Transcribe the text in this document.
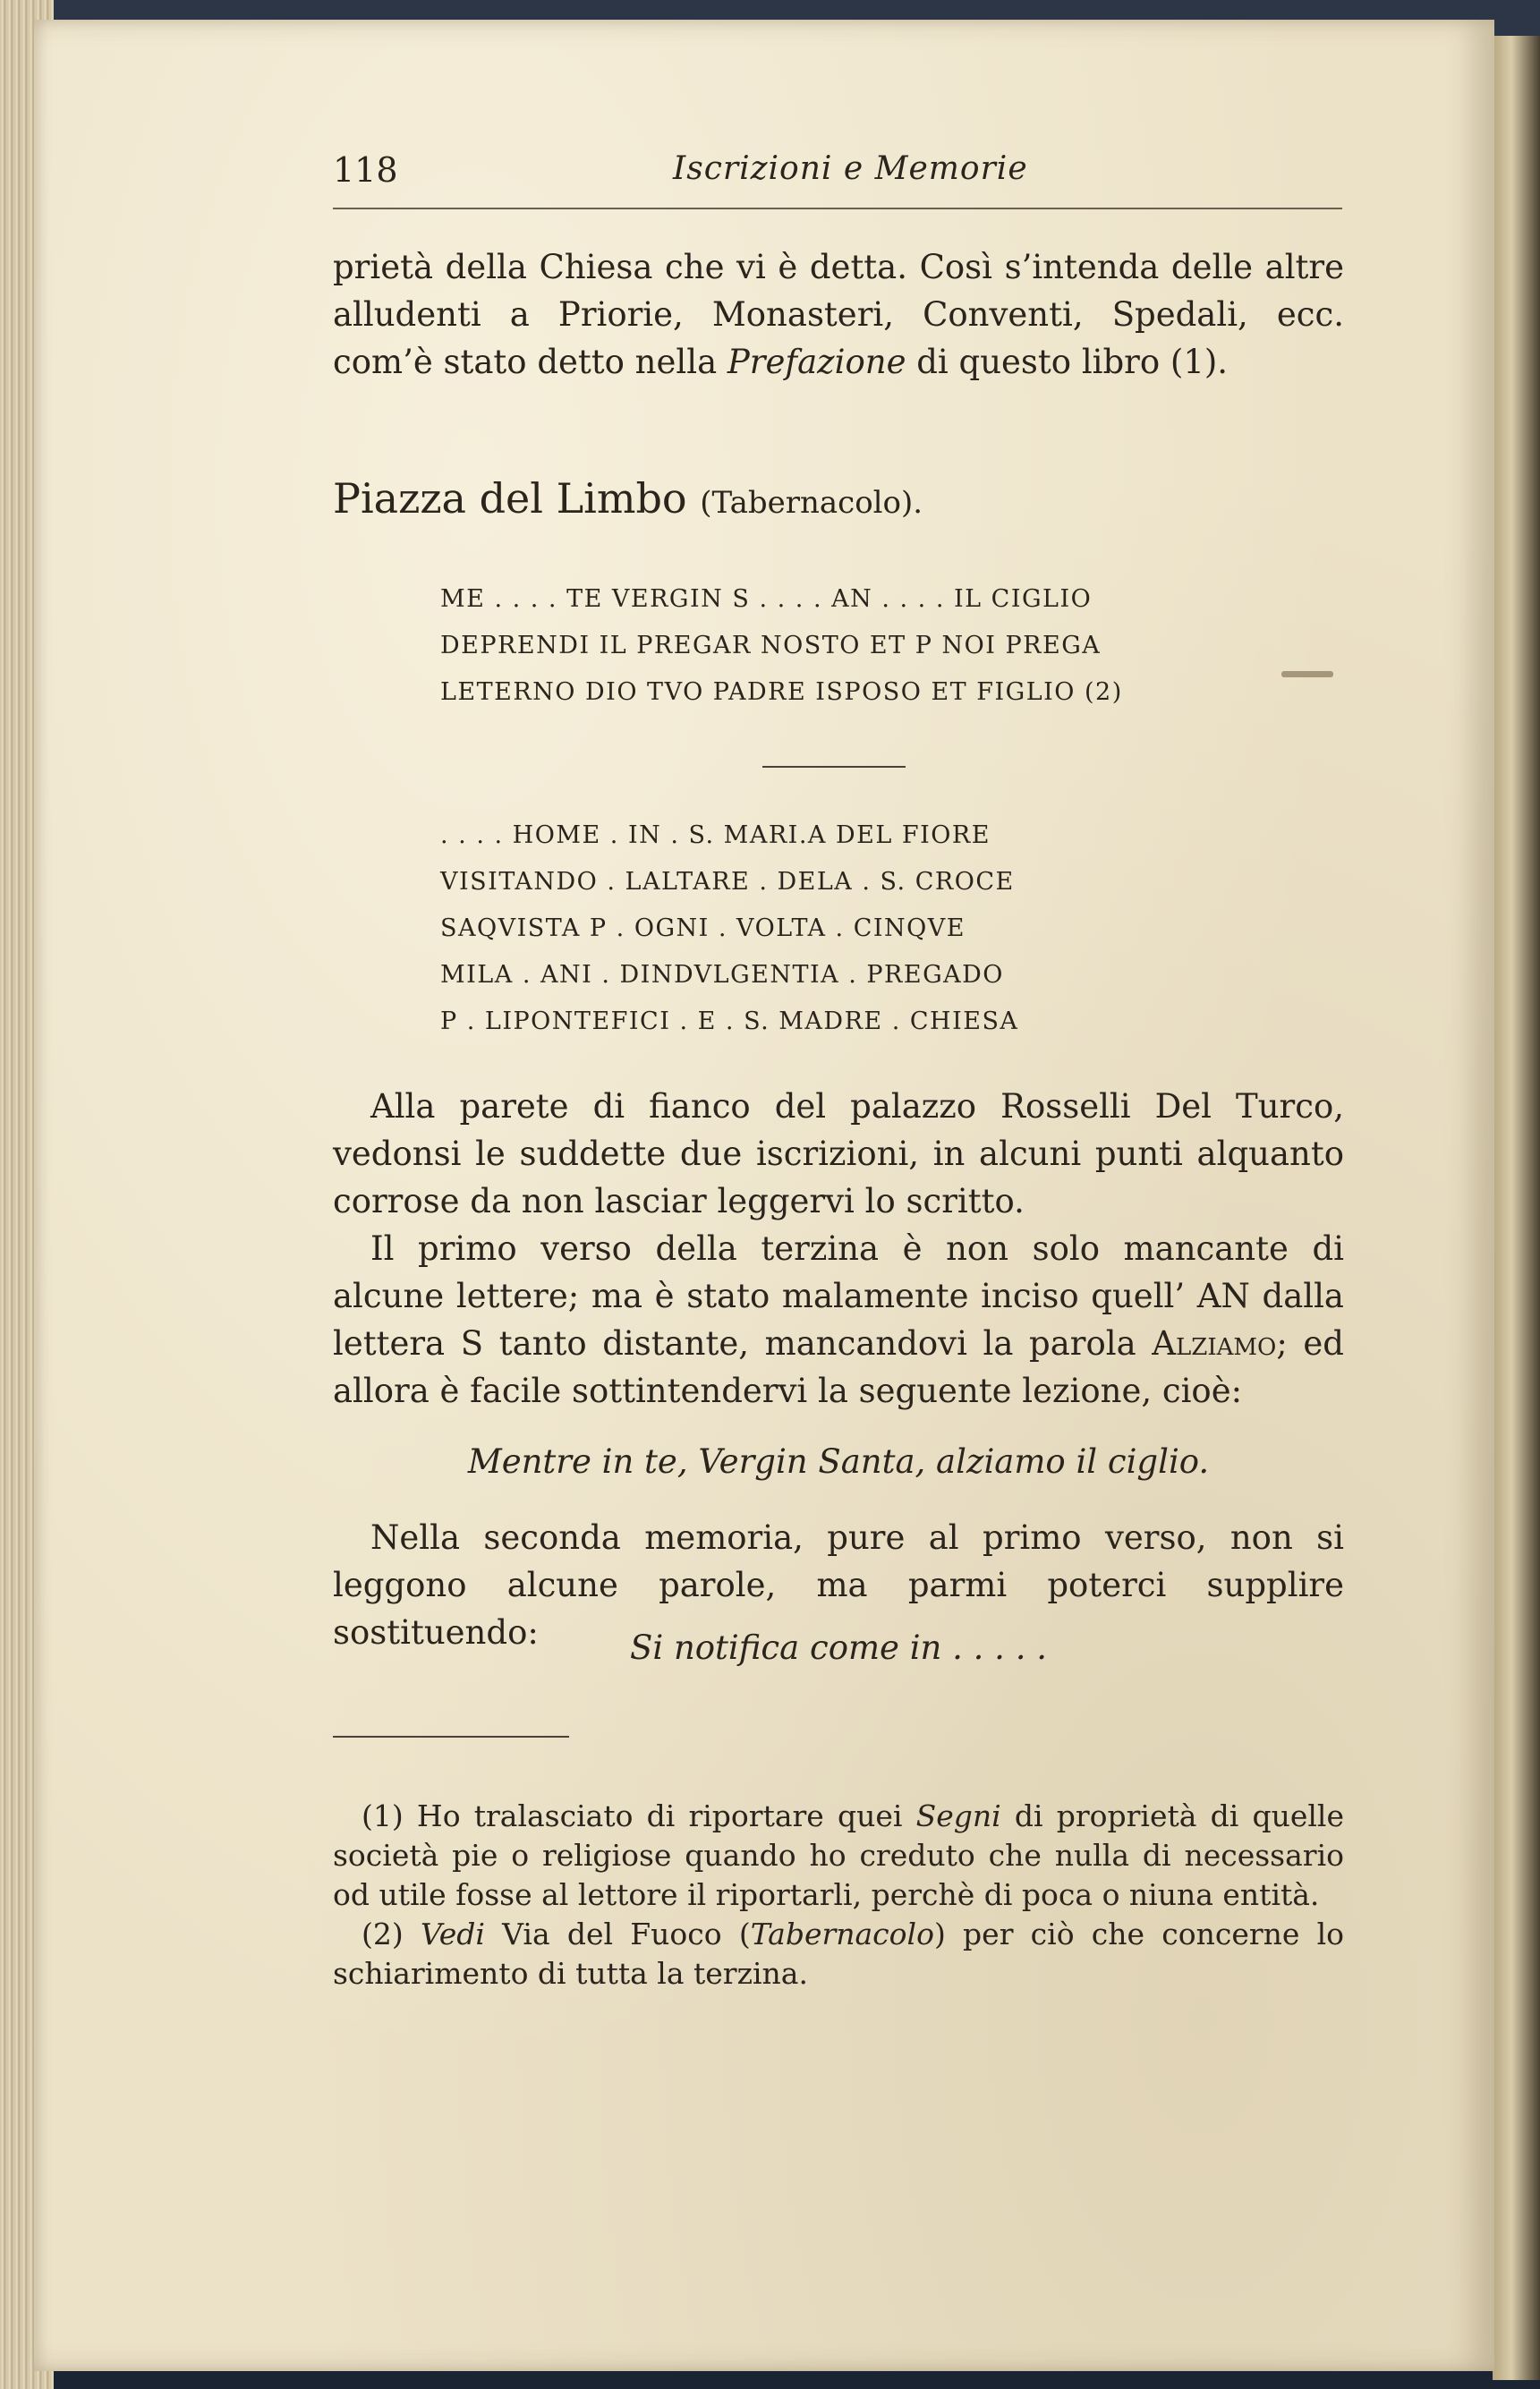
118	Iscrizioni e Memorie

prietà della Chiesa che vi è detta. Così s’intenda delle altre alludenti a Priorie, Monasteri, Conventi, Spedali, ecc. com’è stato detto nella Prefazione di questo libro (1).

Piazza del Limbo (Tabernacolo).
ME . . . . TE VERGIN S . . . . AN . . . . IL CIGLIO
DEPRENDI IL PREGAR NOSTO ET P NOI PREGA
LETERNO DIO TVO PADRE ISPOSO ET FIGLIO (2)
. . . . HOME . IN . S. MARI.A DEL FIORE
VISITANDO . LALTARE . DELA . S. CROCE
SAQVISTA P . OGNI . VOLTA . CINQVE
MILA . ANI . DINDVLGENTIA . PREGADO
P . LIPONTEFICI . E . S. MADRE . CHIESA

Alla parete di fianco del palazzo Rosselli Del Turco, vedonsi le suddette due iscrizioni, in alcuni punti alquanto corrose da non lasciar leggervi lo scritto.

Il primo verso della terzina è non solo mancante di alcune lettere; ma è stato malamente inciso quell’ AN dalla lettera S tanto distante, mancandovi la parola Alziamo; ed allora è facile sottintendervi la seguente lezione, cioè:

Mentre in te, Vergin Santa, alziamo il ciglio.

Nella seconda memoria, pure al primo verso, non si leggono alcune parole, ma parmi poterci supplire sostituendo:	Si notifica come in . . . . .

(1) Ho tralasciato di riportare quei Segni di proprietà di quelle società pie o religiose quando ho creduto che nulla di necessario od utile fosse al lettore il riportarli, perchè di poca o niuna entità.

(2) Vedi Via del Fuoco (Tabernacolo) per ciò che concerne lo schiarimento di tutta la terzina.
